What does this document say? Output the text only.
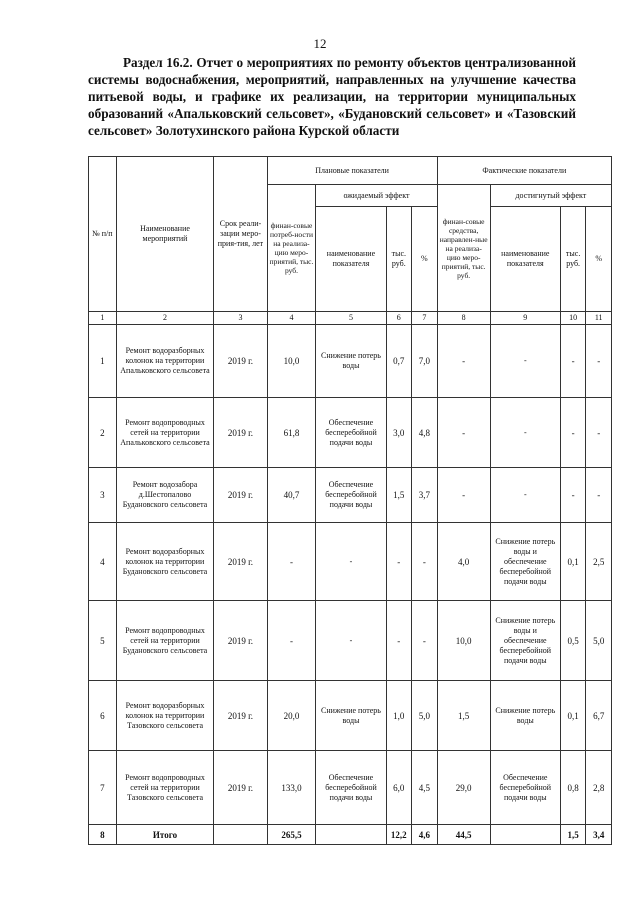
12
Раздел 16.2. Отчет о мероприятиях по ремонту объектов централизованной системы водоснабжения, мероприятий, направленных на улучшение качества питьевой воды, и графике их реализации, на территории муниципальных образований «Апальковский сельсовет», «Будановский сельсовет» и «Тазовский сельсовет» Золотухинского района Курской области
№ п/п	Наименование мероприятий	Срок реали-зации меро-прия-тия, лет	Плановые показатели				Фактические показатели			
			финан-совые потреб-ности на реализа-цию меро-приятий, тыс. руб.	ожидаемый эффект			финан-совые средства, направлен-ные на реализа-цию меро-приятий, тыс. руб.	достигнутый эффект		
				наименование показателя	тыс. руб.	%		наименование показателя	тыс. руб.	%
1	2	3	4	5	6	7	8	9	10	11
1	Ремонт водоразборных колонок на территории Апальковского сельсовета	2019 г.	10,0	Снижение потерь воды	0,7	7,0	-	-	-	-
2	Ремонт водопроводных сетей на территории Апальковского сельсовета	2019 г.	61,8	Обеспечение бесперебойной подачи воды	3,0	4,8	-	-	-	-
3	Ремонт водозабора д.Шестопалово Будановского сельсовета	2019 г.	40,7	Обеспечение бесперебойной подачи воды	1,5	3,7	-	-	-	-
4	Ремонт водоразборных колонок на территории Будановского сельсовета	2019 г.	-	-	-	-	4,0	Снижение потерь воды и обеспечение бесперебойной подачи воды	0,1	2,5
5	Ремонт водопроводных сетей на территории Будановского сельсовета	2019 г.	-	-	-	-	10,0	Снижение потерь воды и обеспечение бесперебойной подачи воды	0,5	5,0
6	Ремонт водоразборных колонок на территории Тазовского сельсовета	2019 г.	20,0	Снижение потерь воды	1,0	5,0	1,5	Снижение потерь воды	0,1	6,7
7	Ремонт водопроводных сетей на территории Тазовского сельсовета	2019 г.	133,0	Обеспечение бесперебойной подачи воды	6,0	4,5	29,0	Обеспечение бесперебойной подачи воды	0,8	2,8
8	Итого		265,5		12,2	4,6	44,5		1,5	3,4
